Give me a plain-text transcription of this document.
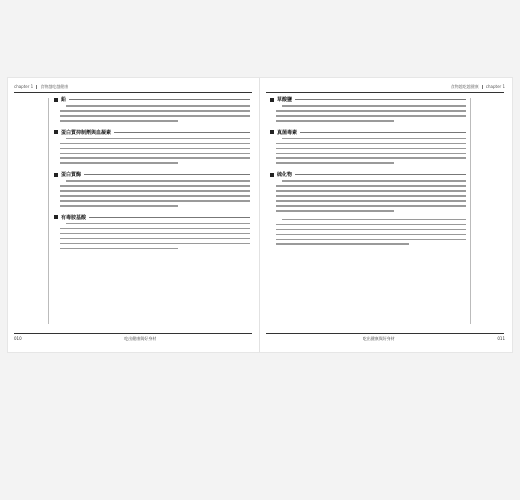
chapter 1 食物越吃越健康
鉛
蛋白質抑制劑與血凝素
蛋白質酶
有毒胺基酸
010	吃出健康與好身材
食物越吃越健康 chapter 1
草酸鹽
真菌毒素
硫化物
吃出健康與好身材	011
